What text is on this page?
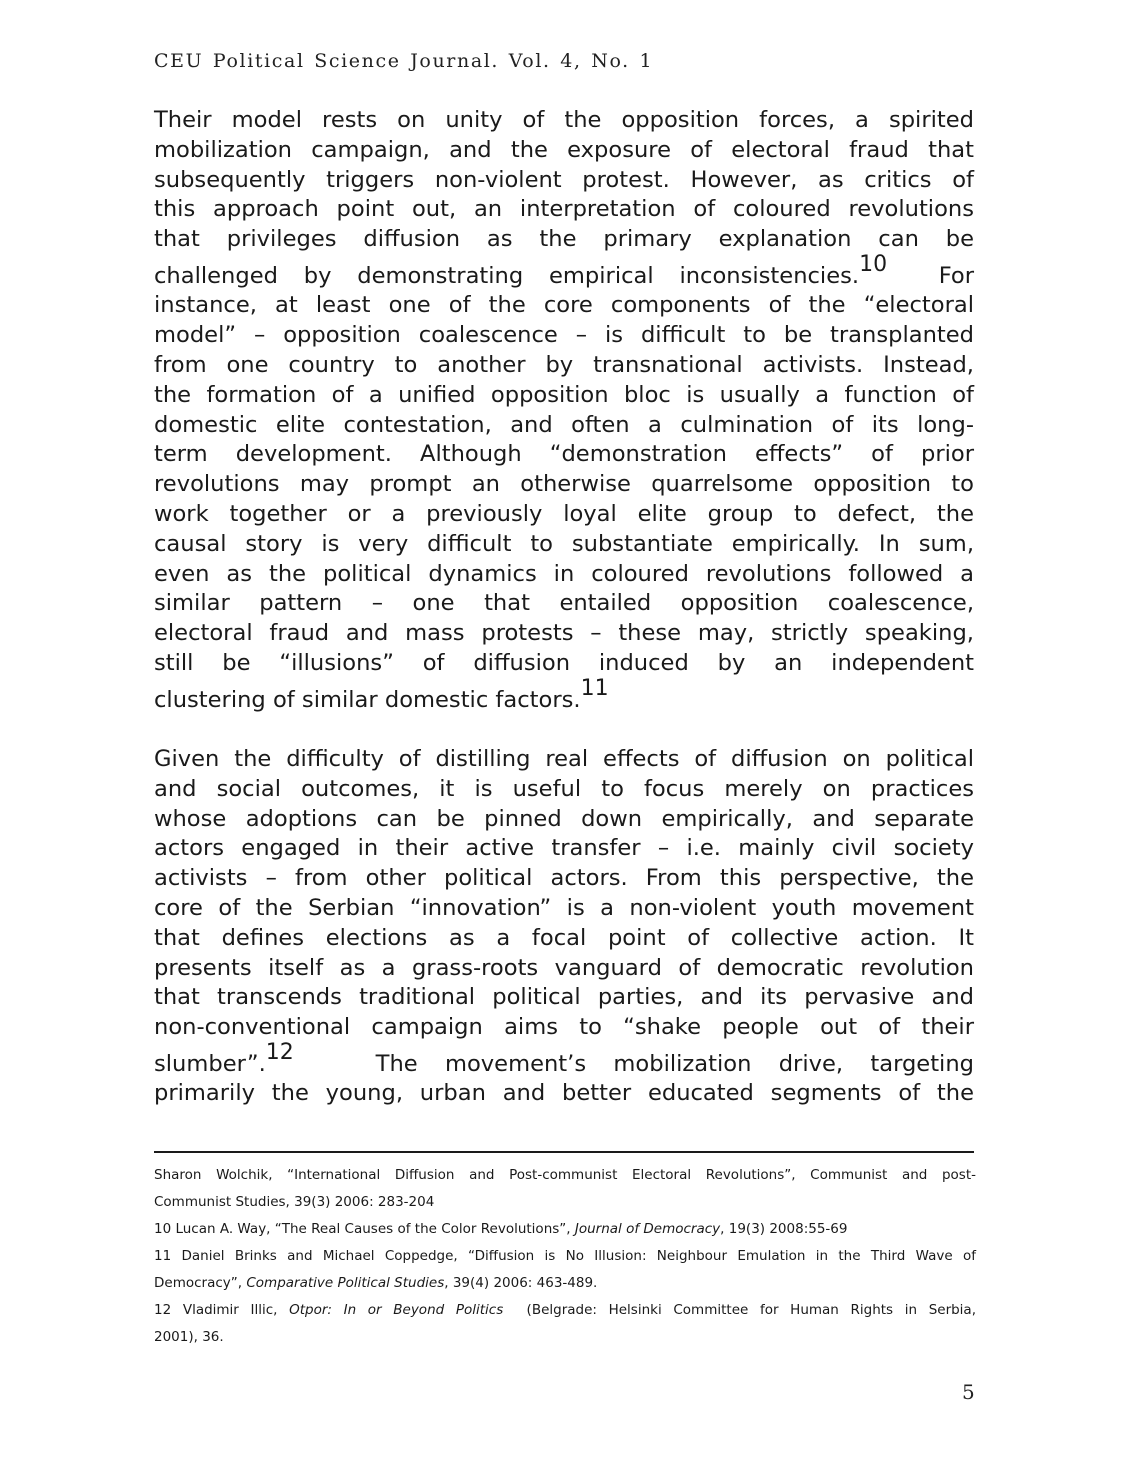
CEU Political Science Journal. Vol. 4, No. 1
Their model rests on unity of the opposition forces, a spirited
mobilization campaign, and the exposure of electoral fraud that
subsequently triggers non-violent protest. However, as critics of
this approach point out, an interpretation of coloured revolutions
that privileges diffusion as the primary explanation can be
challenged by demonstrating empirical inconsistencies.$^{10}$ For
instance, at least one of the core components of the “electoral
model” – opposition coalescence – is difficult to be transplanted
from one country to another by transnational activists. Instead,
the formation of a unified opposition bloc is usually a function of
domestic elite contestation, and often a culmination of its long-
term development. Although “demonstration effects” of prior
revolutions may prompt an otherwise quarrelsome opposition to
work together or a previously loyal elite group to defect, the
causal story is very difficult to substantiate empirically. In sum,
even as the political dynamics in coloured revolutions followed a
similar pattern – one that entailed opposition coalescence,
electoral fraud and mass protests – these may, strictly speaking,
still be “illusions” of diffusion induced by an independent
clustering of similar domestic factors.$^{11}$
Given the difficulty of distilling real effects of diffusion on political
and social outcomes, it is useful to focus merely on practices
whose adoptions can be pinned down empirically, and separate
actors engaged in their active transfer – i.e. mainly civil society
activists – from other political actors. From this perspective, the
core of the Serbian “innovation” is a non-violent youth movement
that defines elections as a focal point of collective action. It
presents itself as a grass-roots vanguard of democratic revolution
that transcends traditional political parties, and its pervasive and
non-conventional campaign aims to “shake people out of their
slumber”.$^{12}$	The movement’s mobilization drive, targeting
primarily the young, urban and better educated segments of the
Sharon Wolchik, “International Diffusion and Post-communist Electoral Revolutions”, Communist and post-
Communist Studies, 39(3) 2006: 283-204
10 Lucan A. Way, “The Real Causes of the Color Revolutions”, Journal of Democracy, 19(3) 2008:55-69
11 Daniel Brinks and Michael Coppedge, “Diffusion is No Illusion: Neighbour Emulation in the Third Wave of
Democracy”, Comparative Political Studies, 39(4) 2006: 463-489.
12 Vladimir Illic, Otpor: In or Beyond Politics  (Belgrade: Helsinki Committee for Human Rights in Serbia,
2001), 36.
5
